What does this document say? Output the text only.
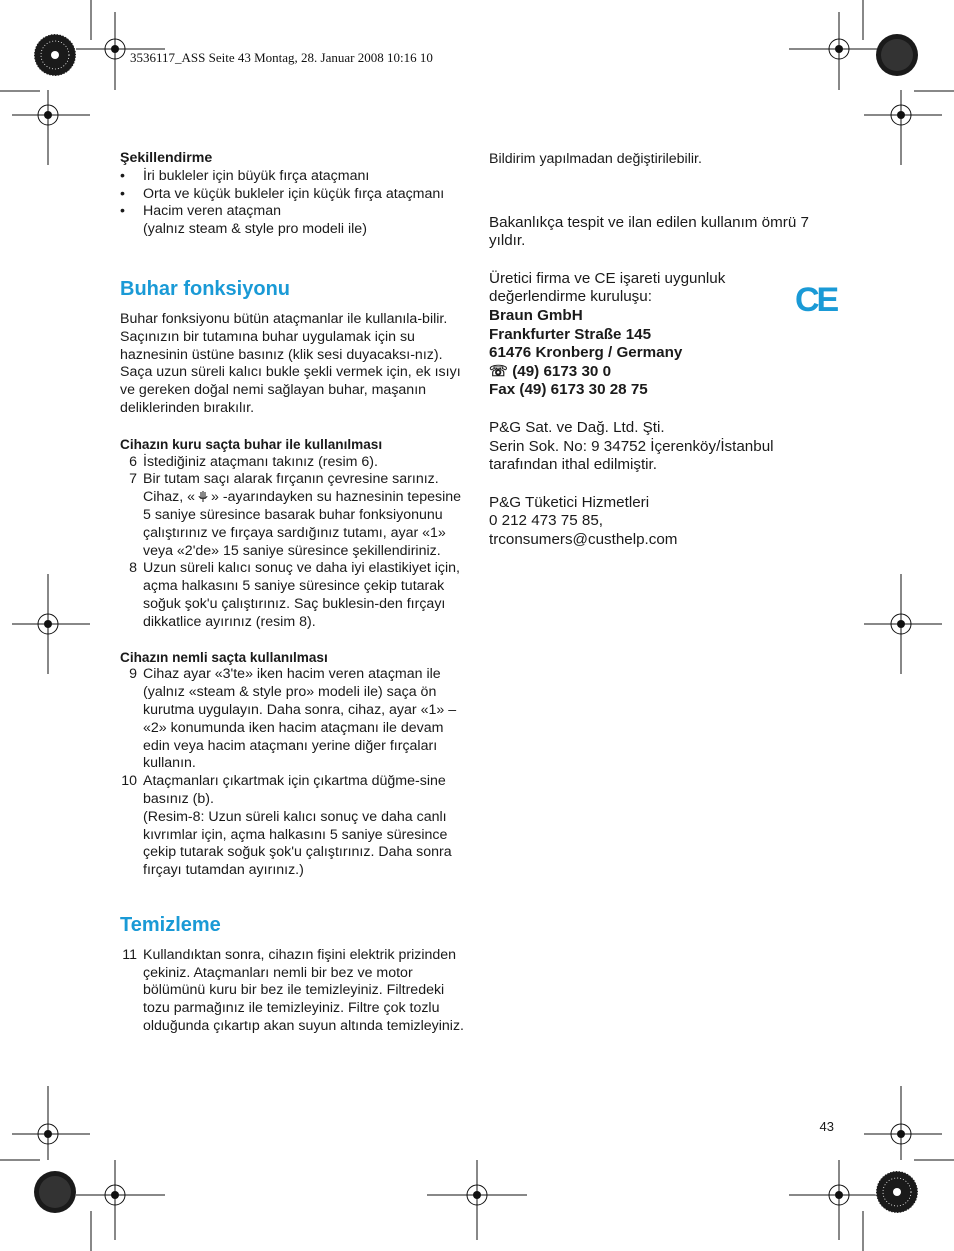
3536117_ASS Seite 43 Montag, 28. Januar 2008 10:16 10
Şekillendirme
• İri bukleler için büyük fırça ataçmanı
• Orta ve küçük bukleler için küçük fırça ataçmanı
• Hacim veren ataçman
(yalnız steam & style pro modeli ile)
Buhar fonksiyonu

Buhar fonksiyonu bütün ataçmanlar ile kullanıla-bilir. Saçınızın bir tutamına buhar uygulamak için su haznesinin üstüne basınız (klik sesi duyacaksı-nız). Saça uzun süreli kalıcı bukle şekli vermek için, ek ısıyı ve gereken doğal nemi sağlayan buhar, maşanın deliklerinden bırakılır.

Cihazın kuru saçta buhar ile kullanılması
6 İstediğiniz ataçmanı takınız (resim 6).
7 Bir tutam saçı alarak fırçanın çevresine sarınız. Cihaz, « » -ayarındayken su haznesinin tepesine 5 saniye süresince basarak buhar fonksiyonunu çalıştırınız ve fırçaya sardığınız tutamı, ayar «1» veya «2'de» 15 saniye süresince şekillendiriniz.
8 Uzun süreli kalıcı sonuç ve daha iyi elastikiyet için, açma halkasını 5 saniye süresince çekip tutarak soğuk şok'u çalıştırınız. Saç buklesin-den fırçayı dikkatlice ayırınız (resim 8).
Cihazın nemli saçta kullanılması
9 Cihaz ayar «3'te» iken hacim veren ataçman ile (yalnız «steam & style pro» modeli ile) saça ön kurutma uygulayın. Daha sonra, cihaz, ayar «1» – «2» konumunda iken hacim ataçmanı ile devam edin veya hacim ataçmanı yerine diğer fırçaları kullanın.
10 Ataçmanları çıkartmak için çıkartma düğme-sine basınız (b).
(Resim-8: Uzun süreli kalıcı sonuç ve daha canlı kıvrımlar için, açma halkasını 5 saniye süresince çekip tutarak soğuk şok'u çalıştırınız. Daha sonra fırçayı tutamdan ayırınız.)
Temizleme
11 Kullandıktan sonra, cihazın fişini elektrik prizinden çekiniz. Ataçmanları nemli bir bez ve motor bölümünü kuru bir bez ile temizleyiniz. Filtredeki tozu parmağınız ile temizleyiniz. Filtre çok tozlu olduğunda çıkartıp akan suyun altında temizleyiniz.

Bildirim yapılmadan değiştirilebilir.

Bakanlıkça tespit ve ilan edilen kullanım ömrü 7 yıldır.

Üretici firma ve CE işareti uygunluk değerlendirme kuruluşu:

Braun GmbH
Frankfurter Straße 145
61476 Kronberg / Germany
☏ (49) 6173 30 0
Fax (49) 6173 30 28 75

P&G Sat. ve Dağ. Ltd. Şti.

Serin Sok. No: 9 34752 İçerenköy/İstanbul

tarafından ithal edilmiştir.

P&G Tüketici Hizmetleri

0 212 473 75 85,

trconsumers@custhelp.com

CE
43
